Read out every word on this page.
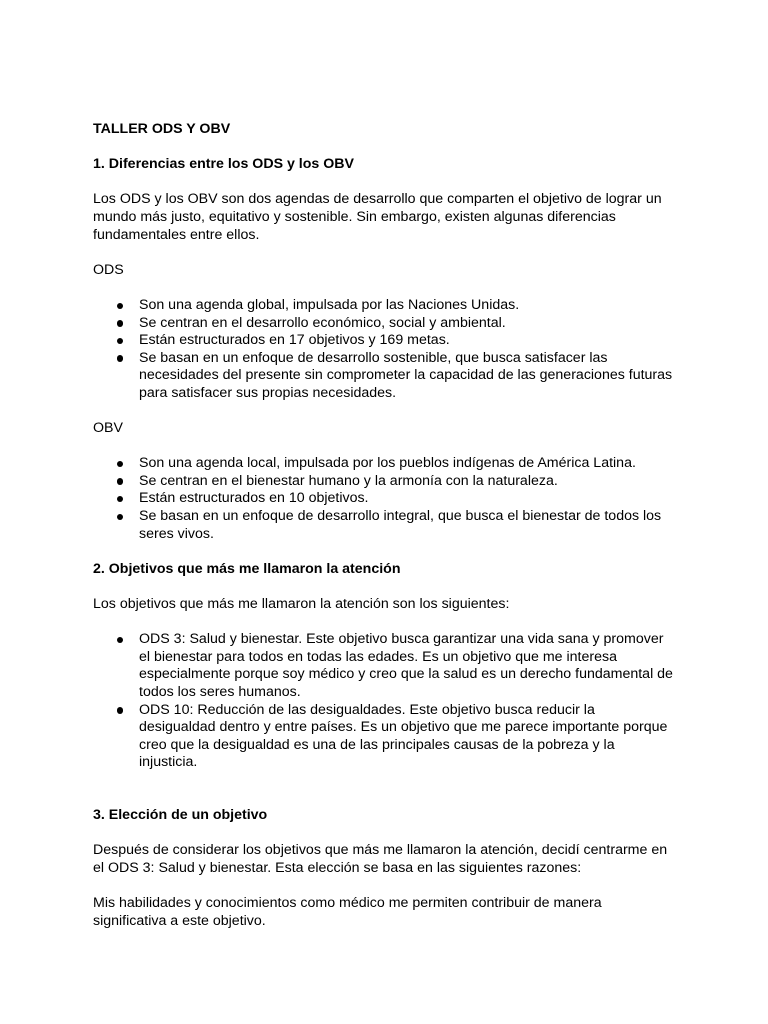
TALLER ODS Y OBV
1. Diferencias entre los ODS y los OBV
Los ODS y los OBV son dos agendas de desarrollo que comparten el objetivo de lograr un
mundo más justo, equitativo y sostenible. Sin embargo, existen algunas diferencias
fundamentales entre ellos.
ODS
Son una agenda global, impulsada por las Naciones Unidas.
Se centran en el desarrollo económico, social y ambiental.
Están estructurados en 17 objetivos y 169 metas.
Se basan en un enfoque de desarrollo sostenible, que busca satisfacer las
necesidades del presente sin comprometer la capacidad de las generaciones futuras
para satisfacer sus propias necesidades.
OBV
Son una agenda local, impulsada por los pueblos indígenas de América Latina.
Se centran en el bienestar humano y la armonía con la naturaleza.
Están estructurados en 10 objetivos.
Se basan en un enfoque de desarrollo integral, que busca el bienestar de todos los
seres vivos.
2. Objetivos que más me llamaron la atención
Los objetivos que más me llamaron la atención son los siguientes:
ODS 3: Salud y bienestar. Este objetivo busca garantizar una vida sana y promover
el bienestar para todos en todas las edades. Es un objetivo que me interesa
especialmente porque soy médico y creo que la salud es un derecho fundamental de
todos los seres humanos.
ODS 10: Reducción de las desigualdades. Este objetivo busca reducir la
desigualdad dentro y entre países. Es un objetivo que me parece importante porque
creo que la desigualdad es una de las principales causas de la pobreza y la
injusticia.
3. Elección de un objetivo
Después de considerar los objetivos que más me llamaron la atención, decidí centrarme en
el ODS 3: Salud y bienestar. Esta elección se basa en las siguientes razones:
Mis habilidades y conocimientos como médico me permiten contribuir de manera
significativa a este objetivo.
